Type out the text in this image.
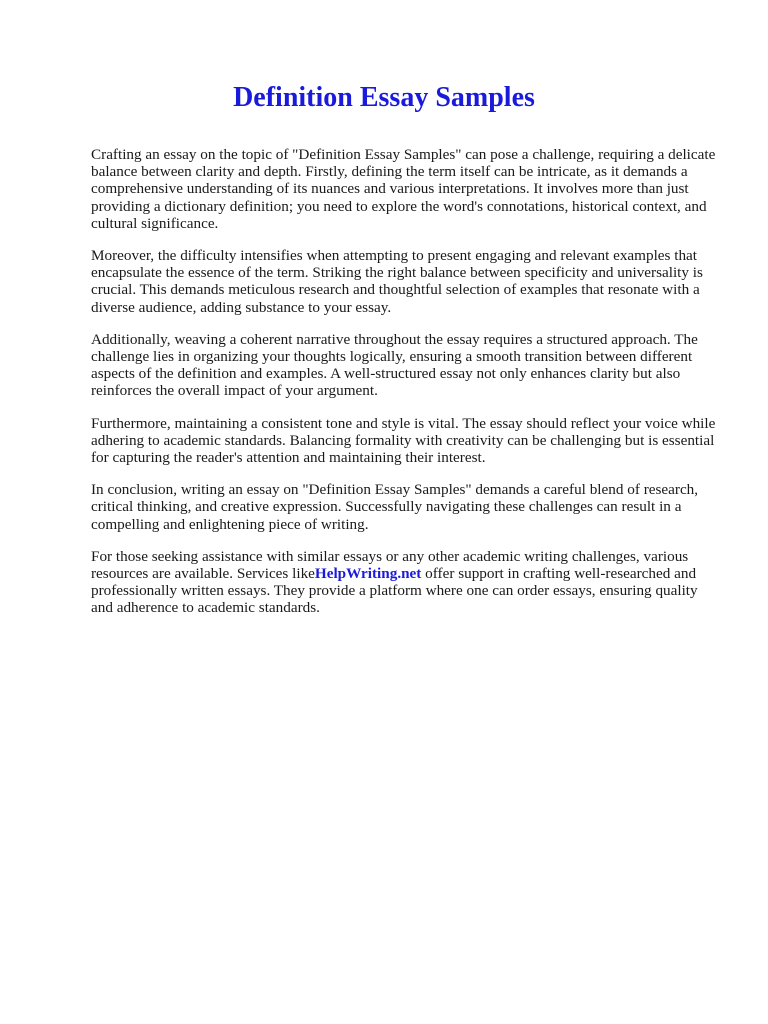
Definition Essay Samples

Crafting an essay on the topic of "Definition Essay Samples" can pose a challenge, requiring a delicate balance between clarity and depth. Firstly, defining the term itself can be intricate, as it demands a comprehensive understanding of its nuances and various interpretations. It involves more than just providing a dictionary definition; you need to explore the word's connotations, historical context, and cultural significance.

Moreover, the difficulty intensifies when attempting to present engaging and relevant examples that encapsulate the essence of the term. Striking the right balance between specificity and universality is crucial. This demands meticulous research and thoughtful selection of examples that resonate with a diverse audience, adding substance to your essay.

Additionally, weaving a coherent narrative throughout the essay requires a structured approach. The challenge lies in organizing your thoughts logically, ensuring a smooth transition between different aspects of the definition and examples. A well-structured essay not only enhances clarity but also reinforces the overall impact of your argument.

Furthermore, maintaining a consistent tone and style is vital. The essay should reflect your voice while adhering to academic standards. Balancing formality with creativity can be challenging but is essential for capturing the reader's attention and maintaining their interest.

In conclusion, writing an essay on "Definition Essay Samples" demands a careful blend of research, critical thinking, and creative expression. Successfully navigating these challenges can result in a compelling and enlightening piece of writing.

For those seeking assistance with similar essays or any other academic writing challenges, various resources are available. Services likeHelpWriting.net offer support in crafting well-researched and professionally written essays. They provide a platform where one can order essays, ensuring quality and adherence to academic standards.
